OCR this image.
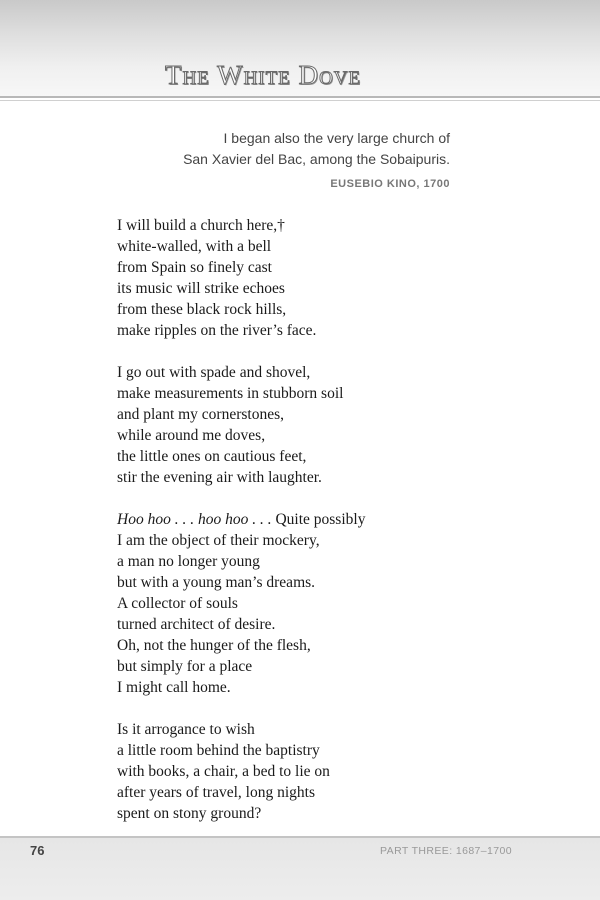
The White Dove
I began also the very large church of
San Xavier del Bac, among the Sobaipuris.
EUSEBIO KINO, 1700
I will build a church here,†
white-walled, with a bell
from Spain so finely cast
its music will strike echoes
from these black rock hills,
make ripples on the river’s face.
I go out with spade and shovel,
make measurements in stubborn soil
and plant my cornerstones,
while around me doves,
the little ones on cautious feet,
stir the evening air with laughter.
Hoo hoo . . . hoo hoo . . . Quite possibly
I am the object of their mockery,
a man no longer young
but with a young man’s dreams.
A collector of souls
turned architect of desire.
Oh, not the hunger of the flesh,
but simply for a place
I might call home.
Is it arrogance to wish
a little room behind the baptistry
with books, a chair, a bed to lie on
after years of travel, long nights
spent on stony ground?
76	PART THREE: 1687–1700
